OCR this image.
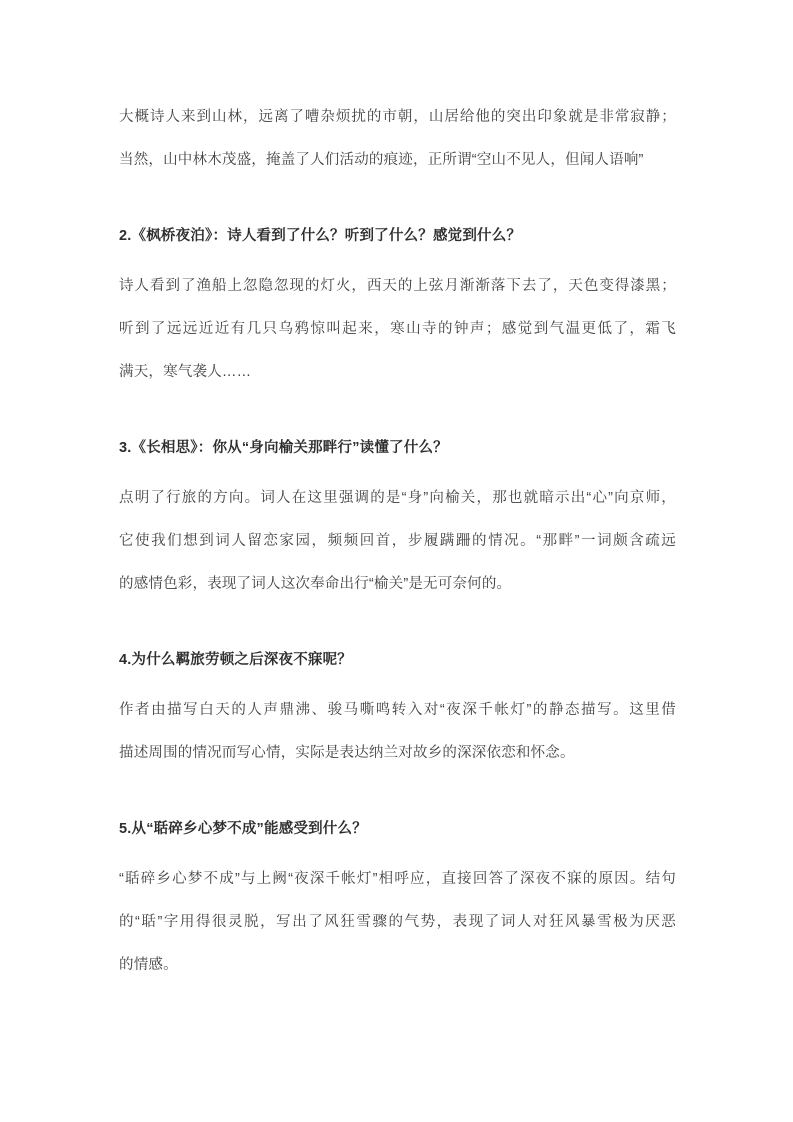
大概诗人来到山林，远离了嘈杂烦扰的市朝，山居给他的突出印象就是非常寂静；
当然，山中林木茂盛，掩盖了人们活动的痕迹，正所谓“空山不见人，但闻人语响”
2.《枫桥夜泊》：诗人看到了什么？听到了什么？感觉到什么？
诗人看到了渔船上忽隐忽现的灯火，西天的上弦月渐渐落下去了，天色变得漆黑；
听到了远远近近有几只乌鸦惊叫起来，寒山寺的钟声；感觉到气温更低了，霜飞
满天，寒气袭人……
3.《长相思》：你从“身向榆关那畔行”读懂了什么？
点明了行旅的方向。词人在这里强调的是“身”向榆关，那也就暗示出“心”向京师，
它使我们想到词人留恋家园，频频回首，步履蹒跚的情况。“那畔”一词颇含疏远
的感情色彩，表现了词人这次奉命出行“榆关”是无可奈何的。
4.为什么羁旅劳顿之后深夜不寐呢？
作者由描写白天的人声鼎沸、骏马嘶鸣转入对“夜深千帐灯”的静态描写。这里借
描述周围的情况而写心情，实际是表达纳兰对故乡的深深依恋和怀念。
5.从“聒碎乡心梦不成”能感受到什么？
“聒碎乡心梦不成”与上阙“夜深千帐灯”相呼应，直接回答了深夜不寐的原因。结句
的“聒”字用得很灵脱，写出了风狂雪骤的气势，表现了词人对狂风暴雪极为厌恶
的情感。
